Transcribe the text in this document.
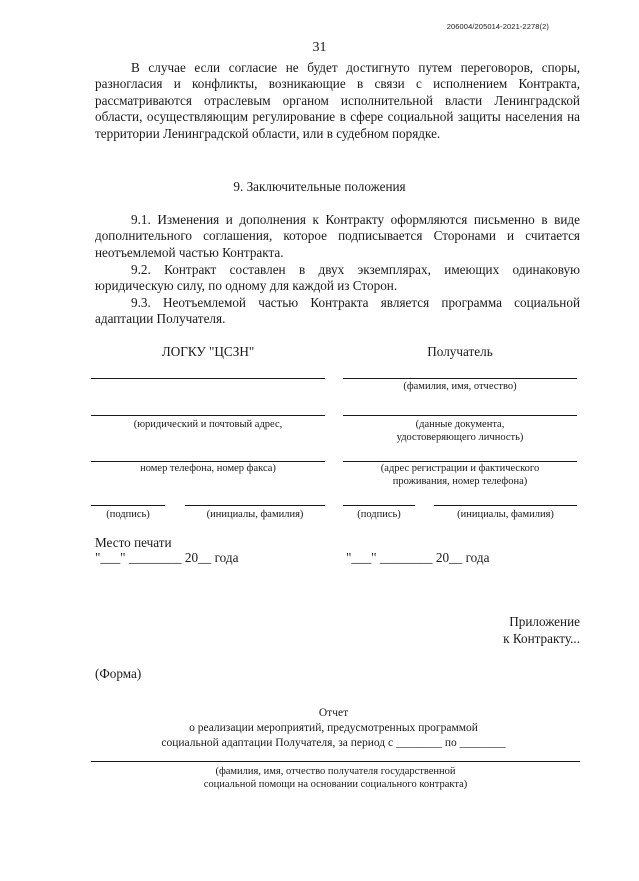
206004/205014-2021-2278(2)
31
В случае если согласие не будет достигнуто путем переговоров, споры, разногласия и конфликты, возникающие в связи с исполнением Контракта, рассматриваются отраслевым органом исполнительной власти Ленинградской области, осуществляющим регулирование в сфере социальной защиты населения на территории Ленинградской области, или в судебном порядке.
9. Заключительные положения
9.1. Изменения и дополнения к Контракту оформляются письменно в виде дополнительного соглашения, которое подписывается Сторонами и считается неотъемлемой частью Контракта.
9.2. Контракт составлен в двух экземплярах, имеющих одинаковую юридическую силу, по одному для каждой из Сторон.
9.3. Неотъемлемой частью Контракта является программа социальной адаптации Получателя.
ЛОГКУ "ЦСЗН"
(юридический и почтовый адрес,
номер телефона, номер факса)
(подпись)	(инициалы, фамилия)
Место печати
"___" ________ 20__ года
Получатель
(фамилия, имя, отчество)
(данные документа,
удостоверяющего личность)
(адрес регистрации и фактического
проживания, номер телефона)
(подпись)	(инициалы, фамилия)
"___" ________ 20__ года
Приложение
к Контракту...
(Форма)
Отчет
о реализации мероприятий, предусмотренных программой
социальной адаптации Получателя, за период с ________ по ________
(фамилия, имя, отчество получателя государственной
социальной помощи на основании социального контракта)
